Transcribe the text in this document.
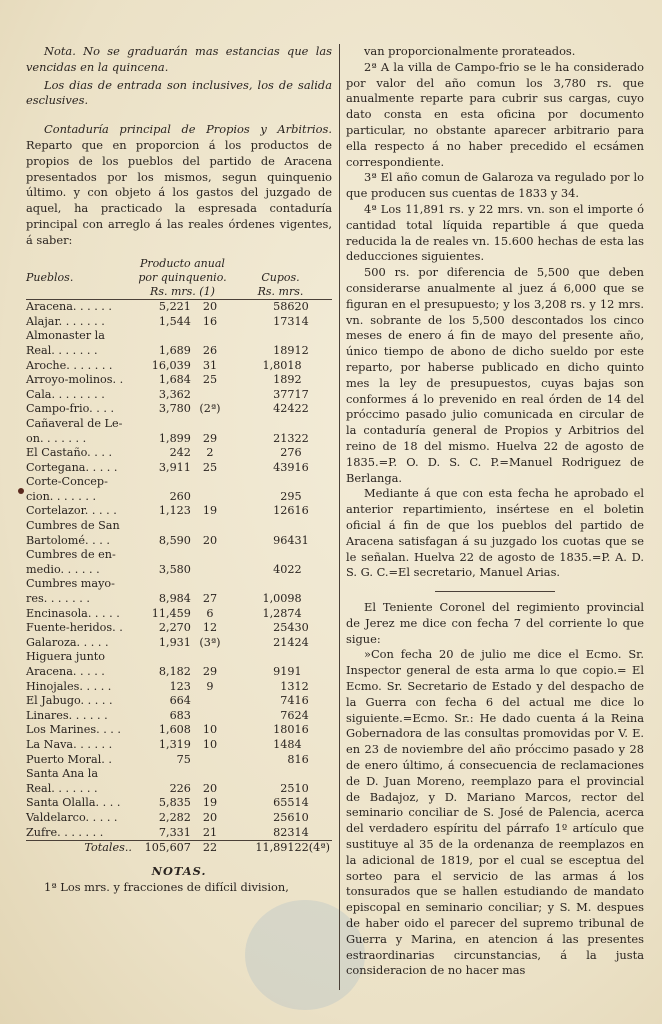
Nota. No se graduarán mas estancias que las vencidas en la quincena.

Los dias de entrada son inclusives, los de salida esclusives.

Contaduría principal de Propios y Arbitrios. Reparto que en proporcion á los productos de propios de los pueblos del partido de Aracena presentados por los mismos, segun quinquenio último. y con objeto á los gastos del juzgado de aquel, ha practicado la espresada contaduría principal con arreglo á las reales órdenes vigentes, á saber:

Pueblos.	Producto anual por quinquenio.		Cupos.	
	Rs. mrs. (1)		Rs. mrs.	
Aracena. . . . . .	5,221	20	586	20
Alajar. . . . . . .	1,544	16	173	14
Almonaster la				
Real. . . . . . .	1,689	26	189	12
Aroche. . . . . . .	16,039	31	1,801	8
Arroyo-molinos. .	1,684	25	189	2
Cala. . . . . . . .	3,362		377	17
Campo-frio. . . .	3,780	(2ª)	424	22
Cañaveral de Le-				
on. . . . . . .	1,899	29	213	22
El Castaño. . . .	242	2	27	6
Cortegana. . . . .	3,911	25	439	16
Corte-Concep-				
cion. . . . . . .	260		29	5
Cortelazor. . . . .	1,123	19	126	16
Cumbres de San				
Bartolomé. . . .	8,590	20	964	31
Cumbres de en-				
medio. . . . . .	3,580		402	2
Cumbres mayo-				
res. . . . . . .	8,984	27	1,009	8
Encinasola. . . . .	11,459	6	1,287	4
Fuente-heridos. .	2,270	12	254	30
Galaroza. . . . .	1,931	(3ª)	214	24
Higuera junto				
Aracena. . . . .	8,182	29	919	1
Hinojales. . . . .	123	9	13	12
El Jabugo. . . . .	664		74	16
Linares. . . . . .	683		76	24
Los Marines. . . .	1,608	10	180	16
La Nava. . . . . .	1,319	10	148	4
Puerto Moral. .	75		8	16
Santa Ana la				
Real. . . . . . .	226	20	25	10
Santa Olalla. . . .	5,835	19	655	14
Valdelarco. . . . .	2,282	20	256	10
Zufre. . . . . . .	7,331	21	823	14
Totales..	105,607	22	11,891	22(4ª)
NOTAS.

1ª Los mrs. y fracciones de difícil division,

van proporcionalmente prorateados.

2ª A la villa de Campo-frio se le ha considerado por valor del año comun los 3,780 rs. que anualmente reparte para cubrir sus cargas, cuyo dato consta en esta oficina por documento particular, no obstante aparecer arbitrario para ella respecto á no haber precedido el ecsámen correspondiente.

3ª El año comun de Galaroza va regulado por lo que producen sus cuentas de 1833 y 34.

4ª Los 11,891 rs. y 22 mrs. vn. son el importe ó cantidad total líquida repartible á que queda reducida la de reales vn. 15.600 hechas de esta las deducciones siguientes.

500 rs. por diferencia de 5,500 que deben considerarse anualmente al juez á 6,000 que se figuran en el presupuesto; y los 3,208 rs. y 12 mrs. vn. sobrante de los 5,500 descontados los cinco meses de enero á fin de mayo del presente año, único tiempo de abono de dicho sueldo por este reparto, por haberse publicado en dicho quinto mes la ley de presupuestos, cuyas bajas son conformes á lo prevenido en real órden de 14 del próccimo pasado julio comunicada en circular de la contaduría general de Propios y Arbitrios del reino de 18 del mismo. Huelva 22 de agosto de 1835.=P. O. D. S. C. P.=Manuel Rodriguez de Berlanga.

Mediante á que con esta fecha he aprobado el anterior repartimiento, insértese en el boletin oficial á fin de que los pueblos del partido de Aracena satisfagan á su juzgado los cuotas que se le señalan. Huelva 22 de agosto de 1835.=P. A. D. S. G. C.=El secretario, Manuel Arias.

El Teniente Coronel del regimiento provincial de Jerez me dice con fecha 7 del corriente lo que sigue:

»Con fecha 20 de julio me dice el Ecmo. Sr. Inspector general de esta arma lo que copio.= El Ecmo. Sr. Secretario de Estado y del despacho de la Guerra con fecha 6 del actual me dice lo siguiente.=Ecmo. Sr.: He dado cuenta á la Reina Gobernadora de las consultas promovidas por V. E. en 23 de noviembre del año próccimo pasado y 28 de enero último, á consecuencia de reclamaciones de D. Juan Moreno, reemplazo para el provincial de Badajoz, y D. Mariano Marcos, rector del seminario conciliar de S. José de Palencia, acerca del verdadero espíritu del párrafo 1º artículo que sustituye al 35 de la ordenanza de reemplazos en la adicional de 1819, por el cual se esceptua del sorteo para el servicio de las armas á los tonsurados que se hallen estudiando de mandato episcopal en seminario conciliar; y S. M. despues de haber oido el parecer del supremo tribunal de Guerra y Marina, en atencion á las presentes estraordinarias circunstancias, á la justa consideracion de no hacer mas
